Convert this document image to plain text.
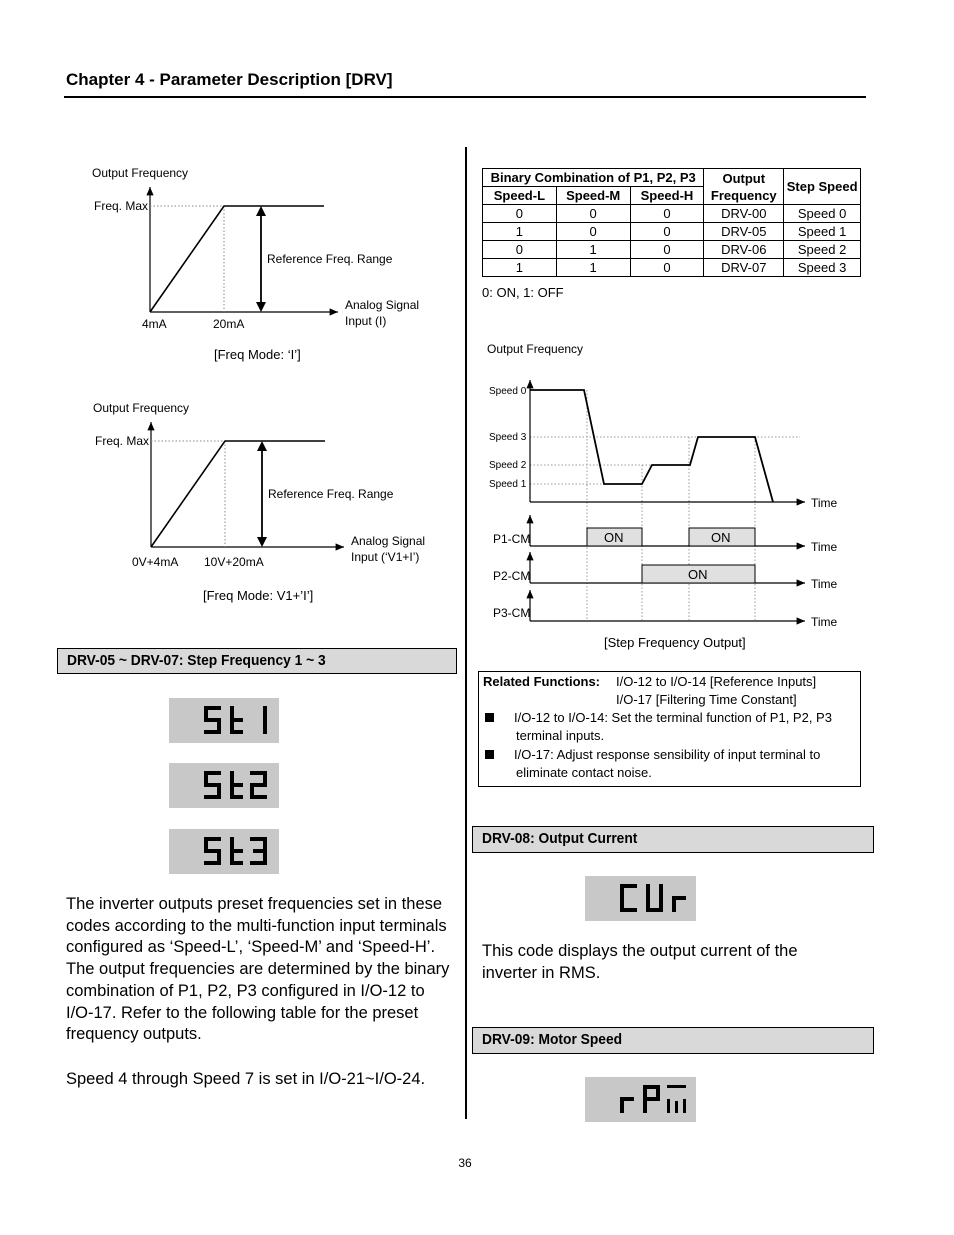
Chapter 4 - Parameter Description [DRV]
Output Frequency
Freq. Max
Reference Freq. Range
4mA	20mA
Analog Signal
Input (I)
[Freq Mode: ‘I’]
Output Frequency
Freq. Max
Reference Freq. Range
0V+4mA 10V+20mA
Analog Signal
Input (‘V1+I’)
[Freq Mode: V1+’I’]
DRV-05 ~ DRV-07: Step Frequency 1 ~ 3
The inverter outputs preset frequencies set in these codes according to the multi-function input terminals configured as ‘Speed-L’, ‘Speed-M’ and ‘Speed-H’. The output frequencies are determined by the binary combination of P1, P2, P3 configured in I/O-12 to I/O-17. Refer to the following table for the preset frequency outputs.
Speed 4 through Speed 7 is set in I/O-21~I/O-24.
Binary Combination of P1, P2, P3			Output Frequency	Step Speed
Speed-L	Speed-M	Speed-H		
0	0	0	DRV-00	Speed 0
1	0	0	DRV-05	Speed 1
0	1	0	DRV-06	Speed 2
1	1	0	DRV-07	Speed 3
0: ON, 1: OFF
Output Frequency
Speed 0
Speed 3
Speed 2
Speed 1
Time
P1-CM	ON	ON
Time
P2-CM	ON
Time
P3-CM
Time
[Step Frequency Output]
Related Functions: I/O-12 to I/O-14 [Reference Inputs]
I/O-17 [Filtering Time Constant]
I/O-12 to I/O-14: Set the terminal function of P1, P2, P3
terminal inputs.
I/O-17: Adjust response sensibility of input terminal to
eliminate contact noise.
DRV-08: Output Current
This code displays the output current of the inverter in RMS.
DRV-09: Motor Speed
36
